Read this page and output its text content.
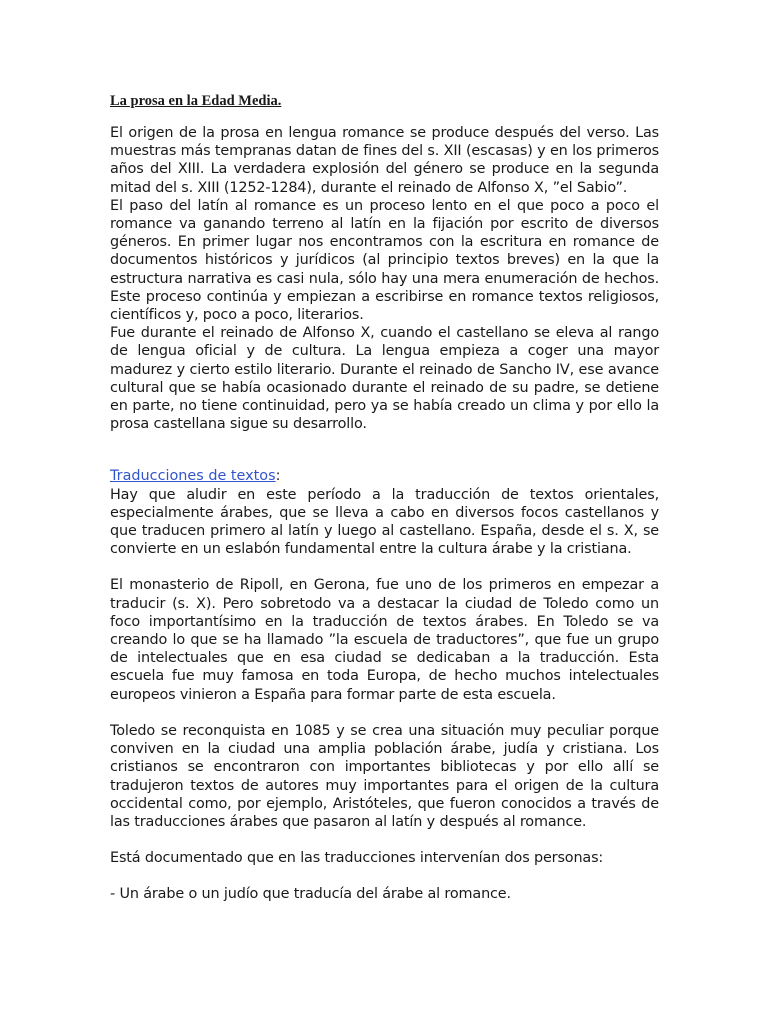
La prosa en la Edad Media.

El origen de la prosa en lengua romance se produce después del verso. Las muestras más tempranas datan de fines del s. XII (escasas) y en los primeros años del XIII. La verdadera explosión del género se produce en la segunda mitad del s. XIII (1252-1284), durante el reinado de Alfonso X, ”el Sabio”.

El paso del latín al romance es un proceso lento en el que poco a poco el romance va ganando terreno al latín en la fijación por escrito de diversos géneros. En primer lugar nos encontramos con la escritura en romance de documentos históricos y jurídicos (al principio textos breves) en la que la estructura narrativa es casi nula, sólo hay una mera enumeración de hechos. Este proceso continúa y empiezan a escribirse en romance textos religiosos, científicos y, poco a poco, literarios.

Fue durante el reinado de Alfonso X, cuando el castellano se eleva al rango de lengua oficial y de cultura. La lengua empieza a coger una mayor madurez y cierto estilo literario. Durante el reinado de Sancho IV, ese avance cultural que se había ocasionado durante el reinado de su padre, se detiene en parte, no tiene continuidad, pero ya se había creado un clima y por ello la prosa castellana sigue su desarrollo.

Traducciones de textos:

Hay que aludir en este período a la traducción de textos orientales, especialmente árabes, que se lleva a cabo en diversos focos castellanos y que traducen primero al latín y luego al castellano. España, desde el s. X, se convierte en un eslabón fundamental entre la cultura árabe y la cristiana.

El monasterio de Ripoll, en Gerona, fue uno de los primeros en empezar a traducir (s. X). Pero sobretodo va a destacar la ciudad de Toledo como un foco importantísimo en la traducción de textos árabes. En Toledo se va creando lo que se ha llamado ”la escuela de traductores”, que fue un grupo de intelectuales que en esa ciudad se dedicaban a la traducción. Esta escuela fue muy famosa en toda Europa, de hecho muchos intelectuales europeos vinieron a España para formar parte de esta escuela.

Toledo se reconquista en 1085 y se crea una situación muy peculiar porque conviven en la ciudad una amplia población árabe, judía y cristiana. Los cristianos se encontraron con importantes bibliotecas y por ello allí se tradujeron textos de autores muy importantes para el origen de la cultura occidental como, por ejemplo, Aristóteles, que fueron conocidos a través de las traducciones árabes que pasaron al latín y después al romance.

Está documentado que en las traducciones intervenían dos personas:

- Un árabe o un judío que traducía del árabe al romance.
